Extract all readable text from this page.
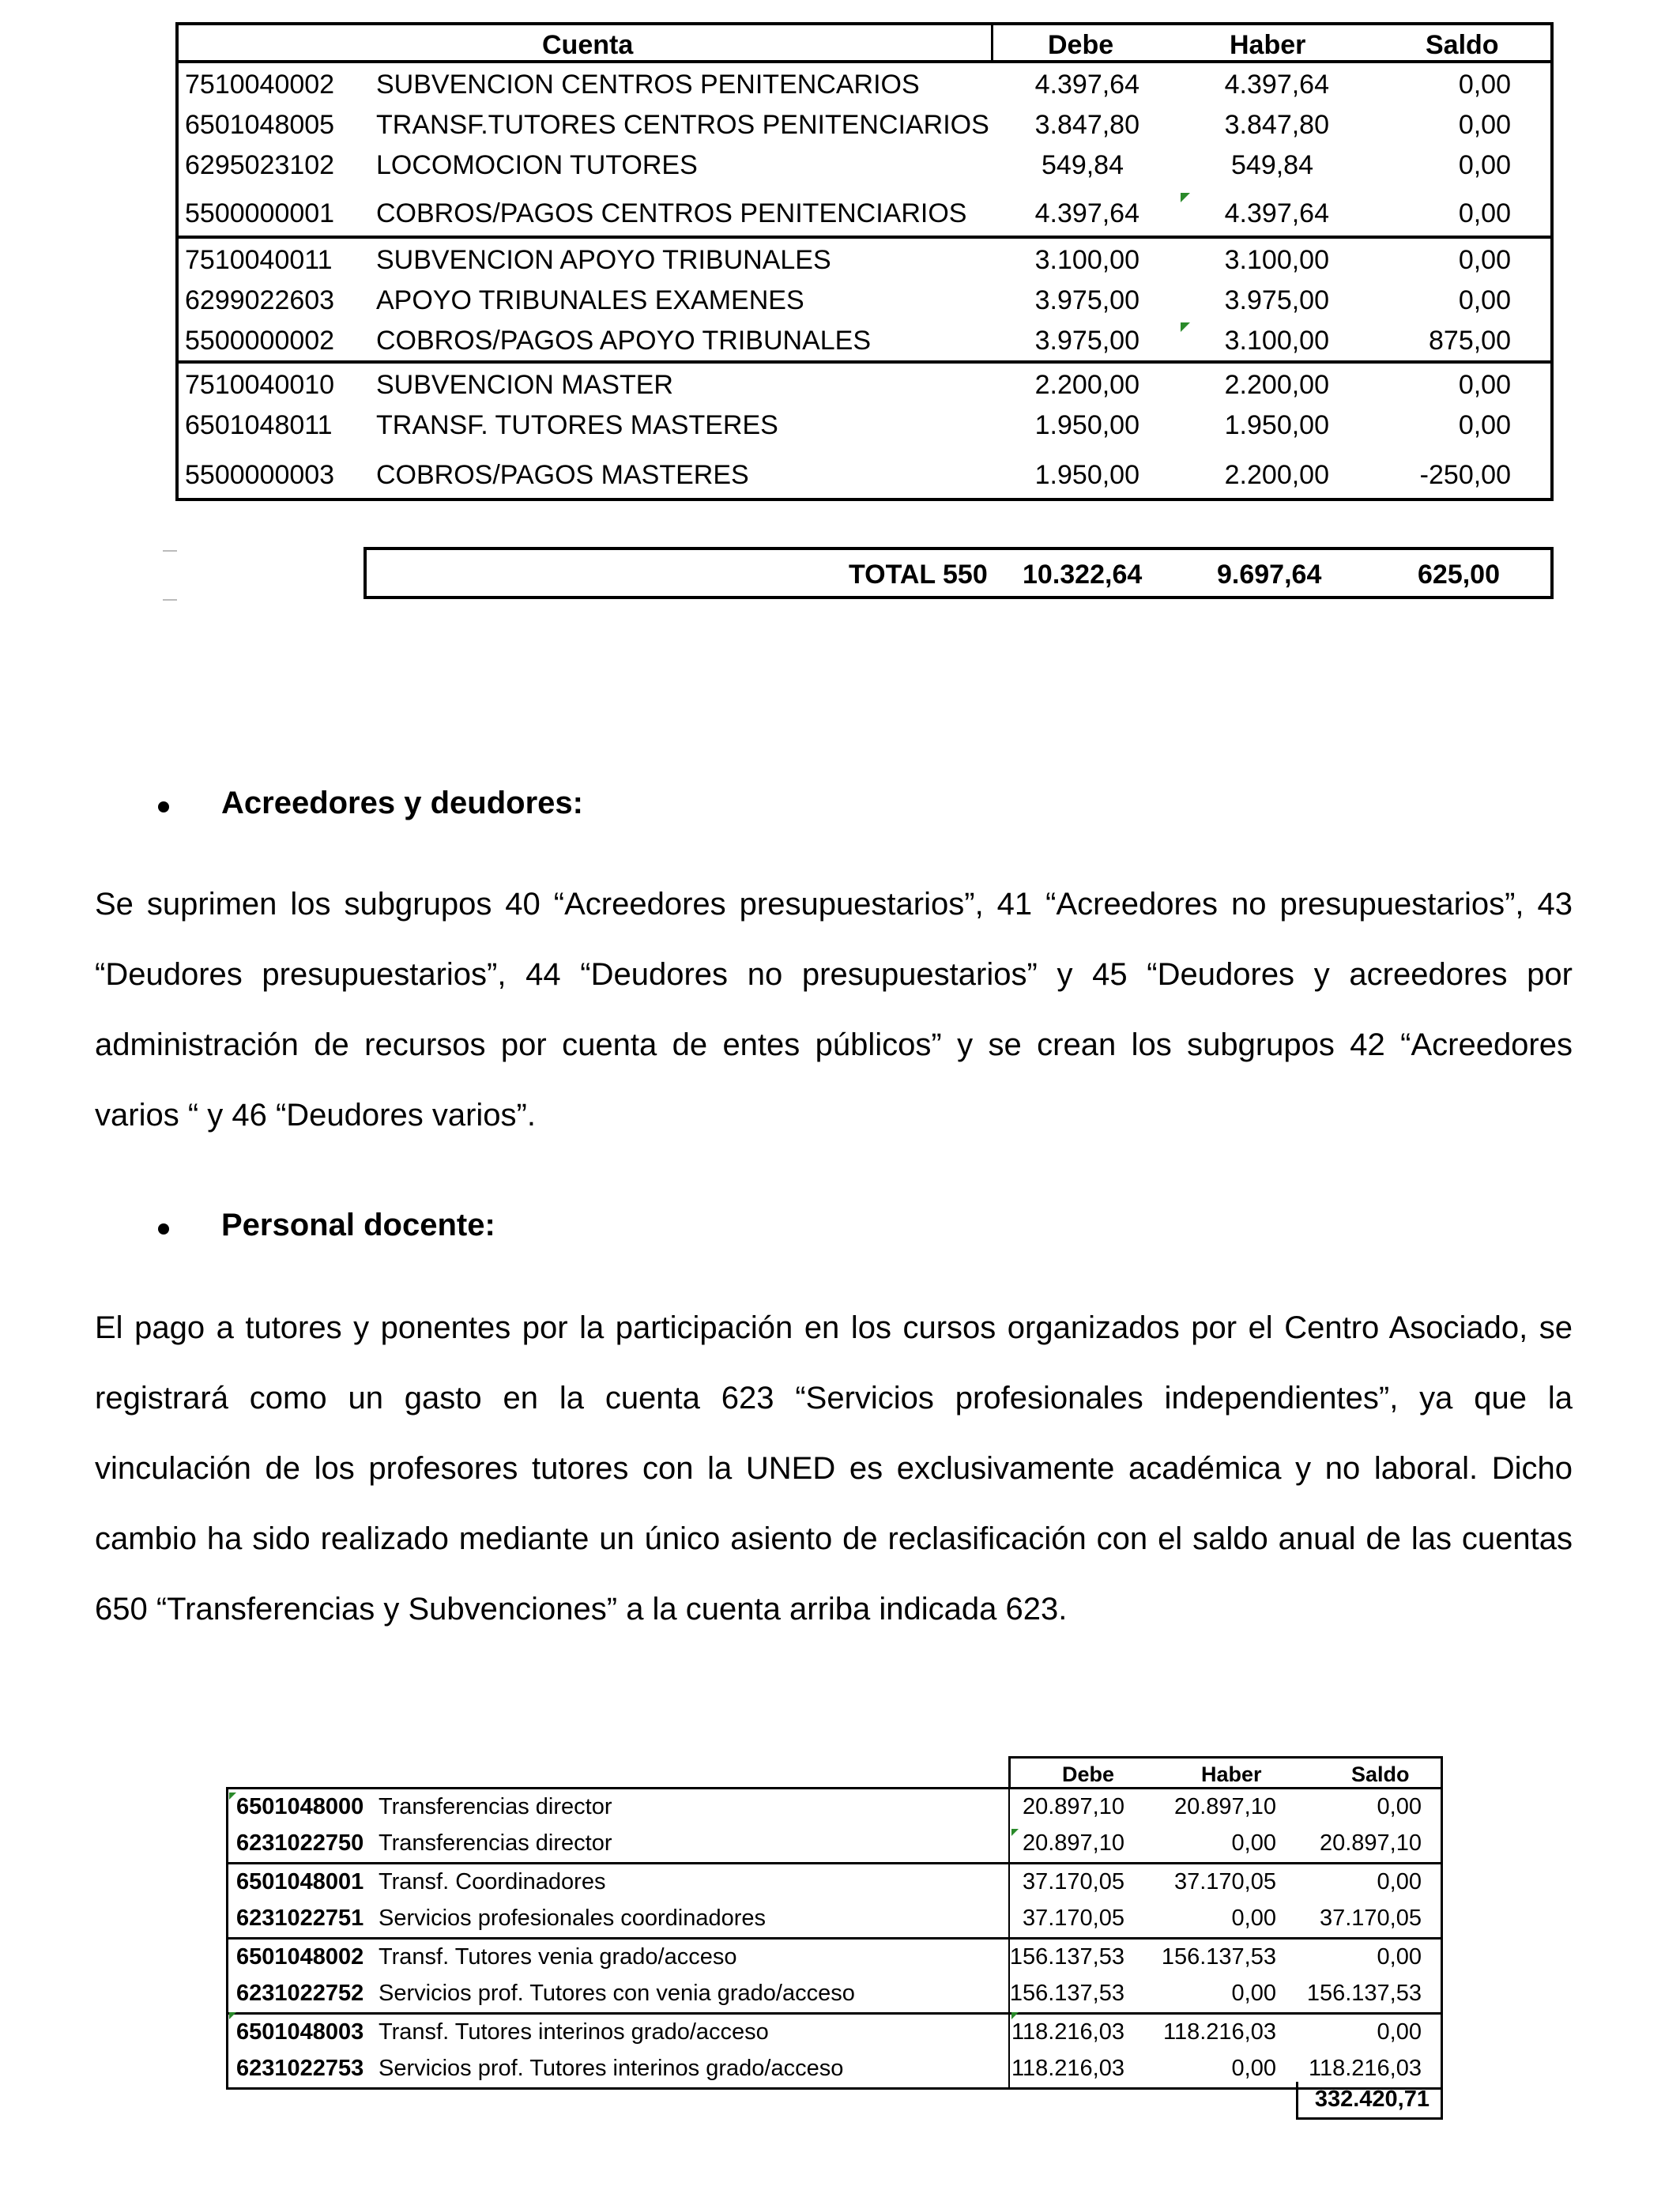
Cuenta	Debe	Haber	Saldo
7510040002 SUBVENCION CENTROS PENITENCARIOS	4.397,64	4.397,64	0,00
6501048005 TRANSF.TUTORES CENTROS PENITENCIARIOS 3.847,80	3.847,80	0,00
6295023102 LOCOMOCION TUTORES	549,84	549,84	0,00
5500000001 COBROS/PAGOS CENTROS PENITENCIARIOS	4.397,64	4.397,64	0,00
7510040011 SUBVENCION APOYO TRIBUNALES	3.100,00	3.100,00	0,00
6299022603 APOYO TRIBUNALES EXAMENES	3.975,00	3.975,00	0,00
5500000002 COBROS/PAGOS APOYO TRIBUNALES	3.975,00	3.100,00	875,00
7510040010 SUBVENCION MASTER	2.200,00	2.200,00	0,00
6501048011 TRANSF. TUTORES MASTERES	1.950,00	1.950,00	0,00
5500000003 COBROS/PAGOS MASTERES	1.950,00	2.200,00	-250,00
TOTAL 550 10.322,64	9.697,64	625,00
Acreedores y deudores:
Se suprimen los subgrupos 40 “Acreedores presupuestarios”, 41 “Acreedores no presupuestarios”, 43 “Deudores presupuestarios”, 44 “Deudores no presupuestarios” y 45 “Deudores y acreedores por administración de recursos por cuenta de entes públicos” y se crean los subgrupos 42 “Acreedores varios “ y 46 “Deudores varios”.
Personal docente:
El pago a tutores y ponentes por la participación en los cursos organizados por el Centro Asociado, se registrará como un gasto en la cuenta 623 “Servicios profesionales independientes”, ya que la vinculación de los profesores tutores con la UNED es exclusivamente académica y no laboral. Dicho cambio ha sido realizado mediante un único asiento de reclasificación con el saldo anual de las cuentas 650 “Transferencias y Subvenciones” a la cuenta arriba indicada 623.
Debe	Haber	Saldo
6501048000 Transferencias director	20.897,10 20.897,10	0,00
6231022750 Transferencias director	20.897,10	0,00 20.897,10
6501048001 Transf. Coordinadores	37.170,05 37.170,05	0,00
6231022751 Servicios profesionales coordinadores	37.170,05	0,00 37.170,05
6501048002 Transf. Tutores venia grado/acceso	156.137,53 156.137,53	0,00
6231022752 Servicios prof. Tutores con venia grado/acceso	156.137,53	0,00 156.137,53
6501048003 Transf. Tutores interinos grado/acceso	118.216,03 118.216,03	0,00
6231022753 Servicios prof. Tutores interinos grado/acceso	118.216,03	0,00 118.216,03
332.420,71
